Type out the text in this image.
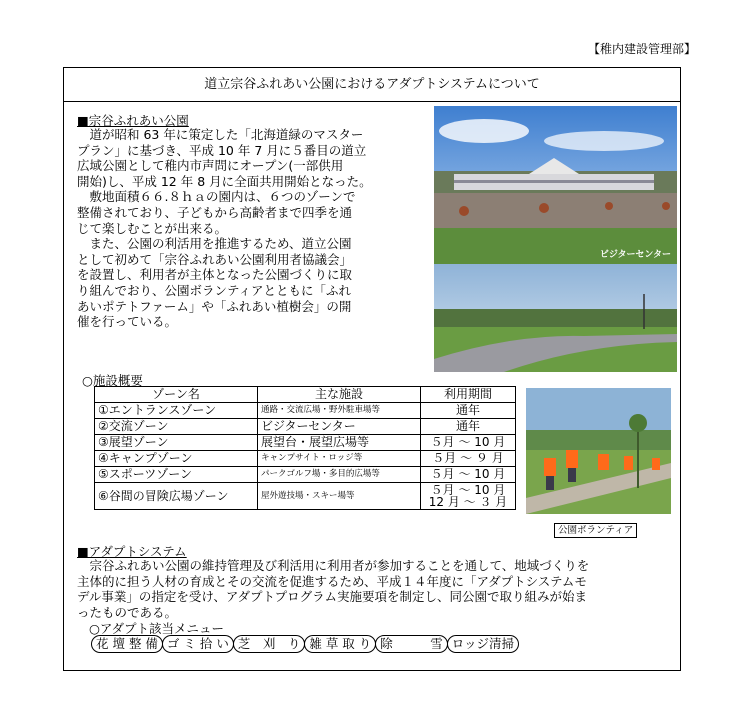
【稚内建設管理部】
道立宗谷ふれあい公園におけるアダプトシステムについて
■宗谷ふれあい公園
　道が昭和 63 年に策定した「北海道緑のマスター
プラン」に基づき、平成 10 年 7 月に５番目の道立
広域公園として稚内市声問にオープン(一部供用
開始)し、平成 12 年 8 月に全面共用開始となった。
　敷地面積６６.８ｈａの園内は、６つのゾーンで
整備されており、子どもから高齢者まで四季を通
じて楽しむことが出来る。
　また、公園の利活用を推進するため、道立公園
として初めて「宗谷ふれあい公園利用者協議会」
を設置し、利用者が主体となった公園づくりに取
り組んでおり、公園ボランティアとともに「ふれ
あいポテトファーム」や「ふれあい植樹会」の開
催を行っている。
ビジターセンター
○施設概要
ゾーン名	主な施設	利用期間
①エントランスゾーン	通路・交流広場・野外駐車場等	通年
②交流ゾーン	ビジターセンター	通年
③展望ゾーン	展望台・展望広場等	５月 ～ 10 月
④キャンプゾーン	キャンプサイト・ロッジ等	５月 ～ ９ 月
⑤スポーツゾーン	パークゴルフ場・多目的広場等	５月 ～ 10 月
⑥谷間の冒険広場ゾーン	屋外遊技場・スキー場等	５月 ～ 10 月
12 月 ～ ３ 月
公園ボランティア
■アダプトシステム
　宗谷ふれあい公園の維持管理及び利活用に利用者が参加することを通して、地域づくりを
主体的に担う人材の育成とその交流を促進するため、平成１４年度に「アダプトシステムモ
デル事業」の指定を受け、アダプトプログラム実施要項を制定し、同公園で取り組みが始ま
ったものである。
○アダプト該当メニュー
花 壇 整 備 ゴ ミ 拾 い 芝　刈　り 雑 草 取 り 除　　　雪 ロッジ清掃
